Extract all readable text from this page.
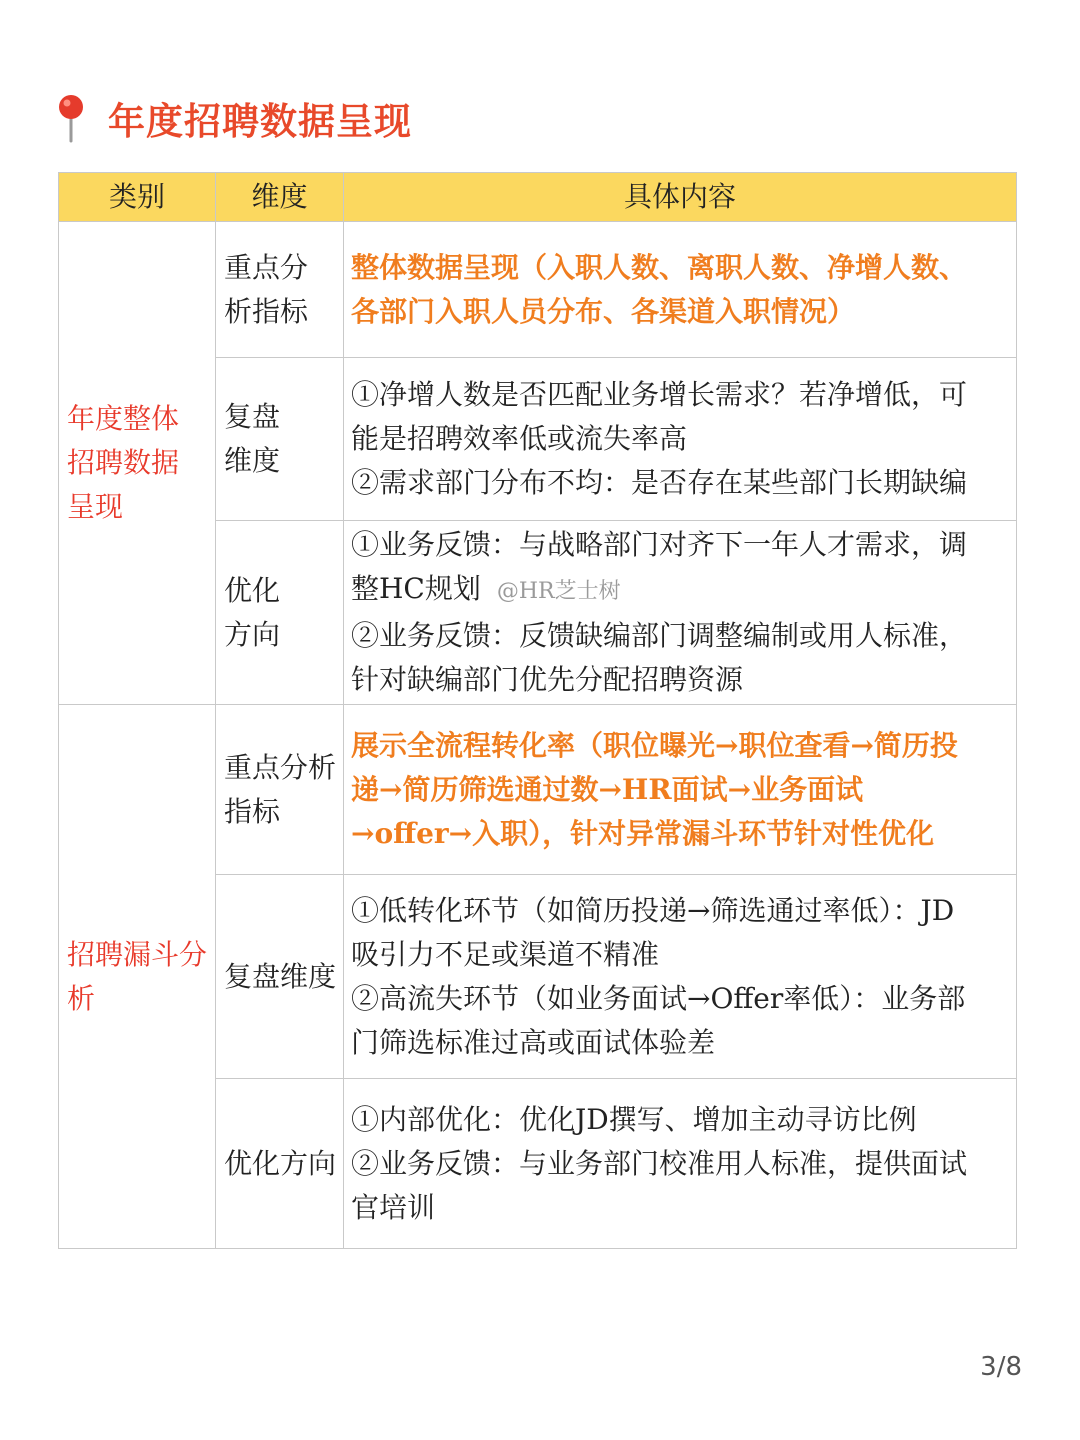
年度招聘数据呈现
类别	维度	具体内容

年度整体
招聘数据
呈现	重点分
析指标	整体数据呈现（入职人数、离职人数、净增人数、
各部门入职人员分布、各渠道入职情况）

	复盘
维度	①净增人数是否匹配业务增长需求？若净增低，可
能是招聘效率低或流失率高
②需求部门分布不均：是否存在某些部门长期缺编

	优化
方向	①业务反馈：与战略部门对齐下一年人才需求，调
整HC规划 @HR芝士树
②业务反馈：反馈缺编部门调整编制或用人标准，
针对缺编部门优先分配招聘资源

招聘漏斗分
析	重点分析
指标	展示全流程转化率（职位曝光→职位查看→简历投
递→简历筛选通过数→HR面试→业务面试
→offer→入职），针对异常漏斗环节针对性优化

	复盘维度	①低转化环节（如简历投递→筛选通过率低）：JD
吸引力不足或渠道不精准
②高流失环节（如业务面试→Offer率低）：业务部
门筛选标准过高或面试体验差

	优化方向	①内部优化：优化JD撰写、增加主动寻访比例
②业务反馈：与业务部门校准用人标准，提供面试
官培训
3/8
